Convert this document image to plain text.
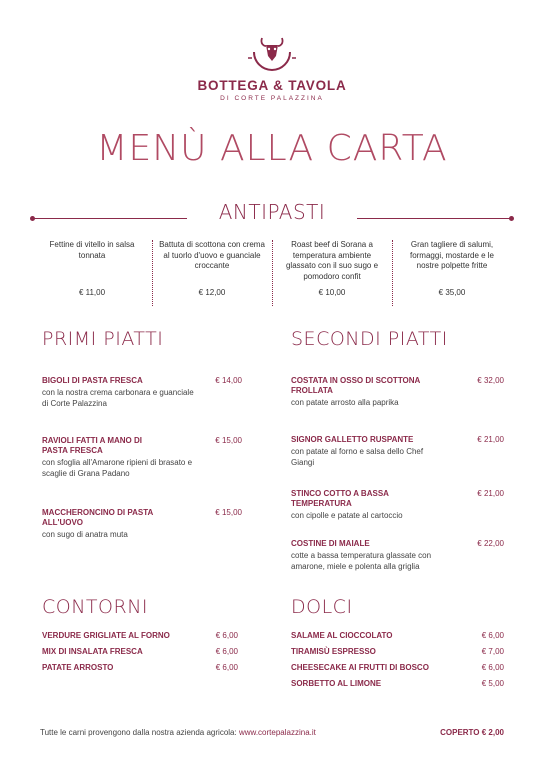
BOTTEGA & TAVOLA
DI CORTE PALAZZINA
MENÙ ALLA CARTA
ANTIPASTI
Fettine di vitello in salsa tonnata
€ 11,00
Battuta di scottona con crema al tuorlo d'uovo e guanciale croccante
€ 12,00
Roast beef di Sorana a temperatura ambiente glassato con il suo sugo e pomodoro confit
€ 10,00
Gran tagliere di salumi, formaggi, mostarde e le nostre polpette fritte
€ 35,00
PRIMI PIATTI
BIGOLI DI PASTA FRESCA
con la nostra crema carbonara e guanciale di Corte Palazzina
€ 14,00
RAVIOLI FATTI A MANO DI PASTA FRESCA
con sfoglia all'Amarone ripieni di brasato e scaglie di Grana Padano
€ 15,00
MACCHERONCINO DI PASTA ALL'UOVO
con sugo di anatra muta
€ 15,00
SECONDI PIATTI
COSTATA IN OSSO DI SCOTTONA FROLLATA
con patate arrosto alla paprika
€ 32,00
SIGNOR GALLETTO RUSPANTE
con patate al forno e salsa dello Chef Giangi
€ 21,00
STINCO COTTO A BASSA TEMPERATURA
con cipolle e patate al cartoccio
€ 21,00
COSTINE DI MAIALE
cotte a bassa temperatura glassate con amarone, miele e polenta alla griglia
€ 22,00
CONTORNI
VERDURE GRIGLIATE AL FORNO	€ 6,00
MIX DI INSALATA FRESCA	€ 6,00
PATATE ARROSTO	€ 6,00
DOLCI
SALAME AL CIOCCOLATO	€ 6,00
TIRAMISÙ ESPRESSO	€ 7,00
CHEESECAKE AI FRUTTI DI BOSCO	€ 6,00
SORBETTO AL LIMONE	€ 5,00
Tutte le carni provengono dalla nostra azienda agricola: www.cortepalazzina.it	COPERTO € 2,00
